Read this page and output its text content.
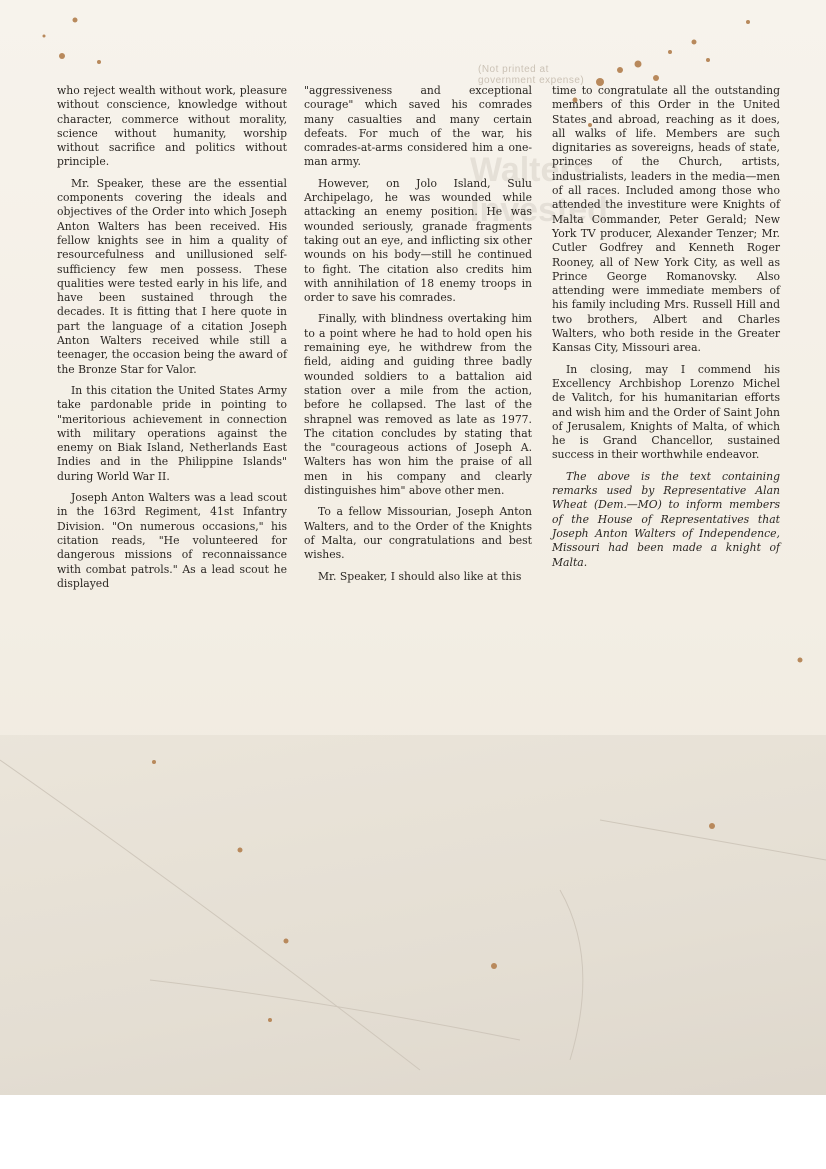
(Not printed at government expense)
Walters Invested

who reject wealth without work, pleasure without conscience, knowledge without character, commerce without morality, science without humanity, worship without sacrifice and politics without principle.

Mr. Speaker, these are the essential components covering the ideals and objectives of the Order into which Joseph Anton Walters has been received. His fellow knights see in him a quality of resourcefulness and unillusioned self-sufficiency few men possess. These qualities were tested early in his life, and have been sustained through the decades. It is fitting that I here quote in part the language of a citation Joseph Anton Walters received while still a teenager, the occasion being the award of the Bronze Star for Valor.

In this citation the United States Army take pardonable pride in pointing to "meritorious achievement in connection with military operations against the enemy on Biak Island, Netherlands East Indies and in the Philippine Islands" during World War II.

Joseph Anton Walters was a lead scout in the 163rd Regiment, 41st Infantry Division. "On numerous occasions," his citation reads, "He volunteered for dangerous missions of reconnaissance with combat patrols." As a lead scout he displayed

"aggressiveness and exceptional courage" which saved his comrades many casualties and many certain defeats. For much of the war, his comrades-at-arms considered him a one-man army.

However, on Jolo Island, Sulu Archipelago, he was wounded while attacking an enemy position. He was wounded seriously, granade fragments taking out an eye, and inflicting six other wounds on his body—still he continued to fight. The citation also credits him with annihilation of 18 enemy troops in order to save his comrades.

Finally, with blindness overtaking him to a point where he had to hold open his remaining eye, he withdrew from the field, aiding and guiding three badly wounded soldiers to a battalion aid station over a mile from the action, before he collapsed. The last of the shrapnel was removed as late as 1977. The citation concludes by stating that the "courageous actions of Joseph A. Walters has won him the praise of all men in his company and clearly distinguishes him" above other men.

To a fellow Missourian, Joseph Anton Walters, and to the Order of the Knights of Malta, our congratulations and best wishes.

Mr. Speaker, I should also like at this

time to congratulate all the outstanding members of this Order in the United States and abroad, reaching as it does, all walks of life. Members are such dignitaries as sovereigns, heads of state, princes of the Church, artists, industrialists, leaders in the media—men of all races. Included among those who attended the investiture were Knights of Malta Commander, Peter Gerald; New York TV producer, Alexander Tenzer; Mr. Cutler Godfrey and Kenneth Roger Rooney, all of New York City, as well as Prince George Romanovsky. Also attending were immediate members of his family including Mrs. Russell Hill and two brothers, Albert and Charles Walters, who both reside in the Greater Kansas City, Missouri area.

In closing, may I commend his Excellency Archbishop Lorenzo Michel de Valitch, for his humanitarian efforts and wish him and the Order of Saint John of Jerusalem, Knights of Malta, of which he is Grand Chancellor, sustained success in their worthwhile endeavor.

The above is the text containing remarks used by Representative Alan Wheat (Dem.—MO) to inform members of the House of Representatives that Joseph Anton Walters of Independence, Missouri had been made a knight of Malta.
